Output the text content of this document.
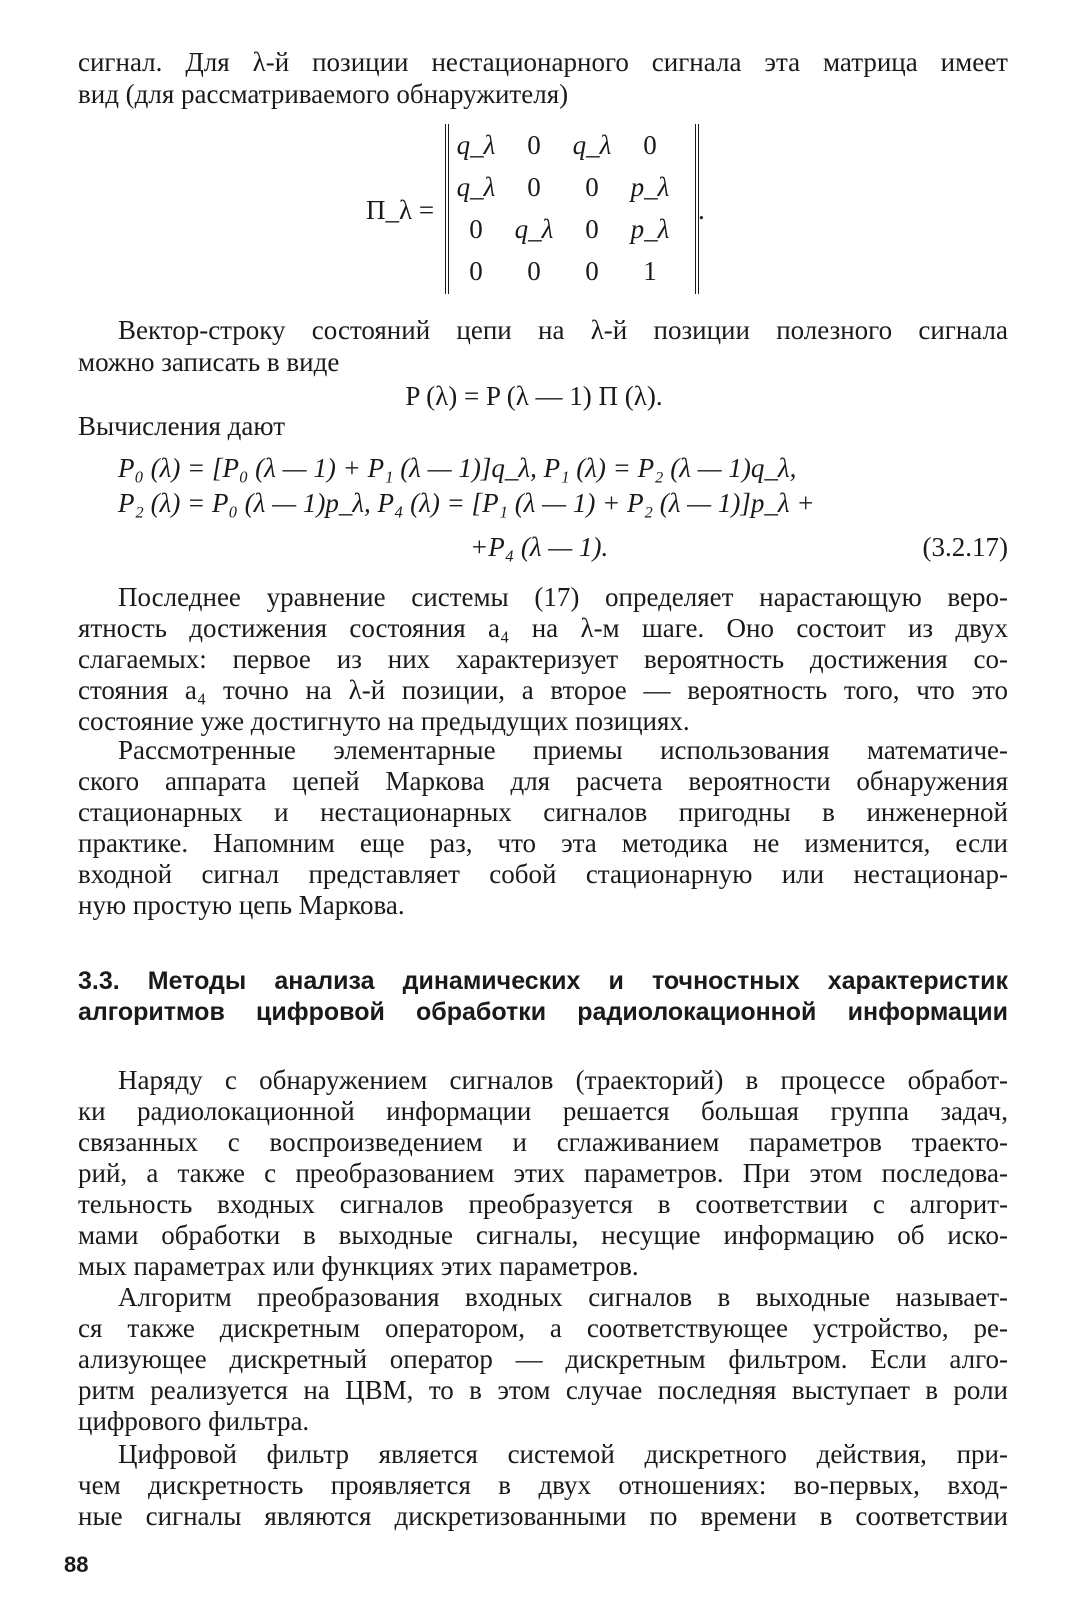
сигнал. Для λ-й позиции нестационарного сигнала эта матрица имеет
вид (для рассматриваемого обнаружителя)
П_λ =
q_λ	0	q_λ	0
q_λ	0	0	p_λ
0	q_λ	0	p_λ
0	0	0	1
.
Вектор-строку состояний цепи на λ-й позиции полезного сигнала
можно записать в виде
P (λ) = P (λ — 1) П (λ).
Вычисления дают
P₀ (λ) = [P₀ (λ — 1) + P₁ (λ — 1)]q_λ, P₁ (λ) = P₂ (λ — 1)q_λ,
P₂ (λ) = P₀ (λ — 1)p_λ, P₄ (λ) = [P₁ (λ — 1) + P₂ (λ — 1)]p_λ +
+P₄ (λ — 1).	(3.2.17)
Последнее уравнение системы (17) определяет нарастающую веро-
ятность достижения состояния a₄ на λ-м шаге. Оно состоит из двух
слагаемых: первое из них характеризует вероятность достижения со-
стояния a₄ точно на λ-й позиции, а второе — вероятность того, что это
состояние уже достигнуто на предыдущих позициях.
Рассмотренные элементарные приемы использования математиче-
ского аппарата цепей Маркова для расчета вероятности обнаружения
стационарных и нестационарных сигналов пригодны в инженерной
практике. Напомним еще раз, что эта методика не изменится, если
входной сигнал представляет собой стационарную или нестационар-
ную простую цепь Маркова.
3.3. Методы анализа динамических и точностных характеристик
алгоритмов цифровой обработки радиолокационной информации
Наряду с обнаружением сигналов (траекторий) в процессе обработ-
ки радиолокационной информации решается большая группа задач,
связанных с воспроизведением и сглаживанием параметров траекто-
рий, а также с преобразованием этих параметров. При этом последова-
тельность входных сигналов преобразуется в соответствии с алгорит-
мами обработки в выходные сигналы, несущие информацию об иско-
мых параметрах или функциях этих параметров.
Алгоритм преобразования входных сигналов в выходные называет-
ся также дискретным оператором, а соответствующее устройство, ре-
ализующее дискретный оператор — дискретным фильтром. Если алго-
ритм реализуется на ЦВМ, то в этом случае последняя выступает в роли
цифрового фильтра.
Цифровой фильтр является системой дискретного действия, при-
чем дискретность проявляется в двух отношениях: во-первых, вход-
ные сигналы являются дискретизованными по времени в соответствии
88
